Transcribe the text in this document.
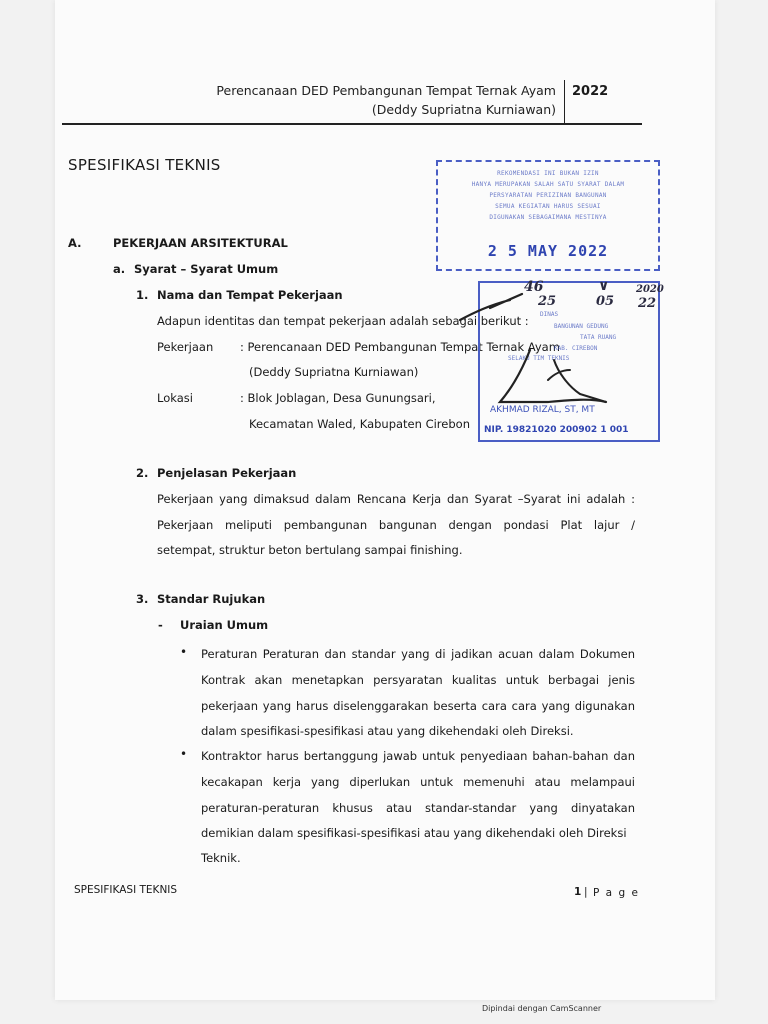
Perencanaan DED Pembangunan Tempat Ternak Ayam
(Deddy Supriatna Kurniawan)
2022
SPESIFIKASI TEKNIS
A.	PEKERJAAN ARSITEKTURAL
a. Syarat – Syarat Umum
1. Nama dan Tempat Pekerjaan
Adapun identitas dan tempat pekerjaan adalah sebagai berikut :
Pekerjaan : Perencanaan DED Pembangunan Tempat Ternak Ayam
(Deddy Supriatna Kurniawan)
Lokasi	: Blok Joblagan, Desa Gunungsari,
Kecamatan Waled, Kabupaten Cirebon
2. Penjelasan Pekerjaan
Pekerjaan yang dimaksud dalam Rencana Kerja dan Syarat –Syarat ini adalah :
Pekerjaan meliputi pembangunan bangunan dengan pondasi Plat lajur /
setempat, struktur beton bertulang sampai finishing.
3. Standar Rujukan
- Uraian Umum
• Peraturan Peraturan dan standar yang di jadikan acuan dalam Dokumen
Kontrak akan menetapkan persyaratan kualitas untuk berbagai jenis
pekerjaan yang harus diselenggarakan beserta cara cara yang digunakan
dalam spesifikasi-spesifikasi atau yang dikehendaki oleh Direksi.
• Kontraktor harus bertanggung jawab untuk penyediaan bahan-bahan dan
kecakapan kerja yang diperlukan untuk memenuhi atau melampaui
peraturan-peraturan khusus atau standar-standar yang dinyatakan
demikian dalam spesifikasi-spesifikasi atau yang dikehendaki oleh Direksi
Teknik.
REKOMENDASI INI BUKAN IZIN
HANYA MERUPAKAN SALAH SATU SYARAT DALAM
PERSYARATAN PERIZINAN BANGUNAN
SEMUA KEGIATAN HARUS SESUAI
DIGUNAKAN SEBAGAIMANA MESTINYA
2 5 MAY 2022
DINAS
BANGUNAN GEDUNG
TATA RUANG
KAB. CIREBON
SELAKU TIM TEKNIS
46	∨	2020
25	05 22
AKHMAD RIZAL, ST, MT
NIP. 19821020 200902 1 001
SPESIFIKASI TEKNIS	1 | P a g e
Dipindai dengan CamScanner
